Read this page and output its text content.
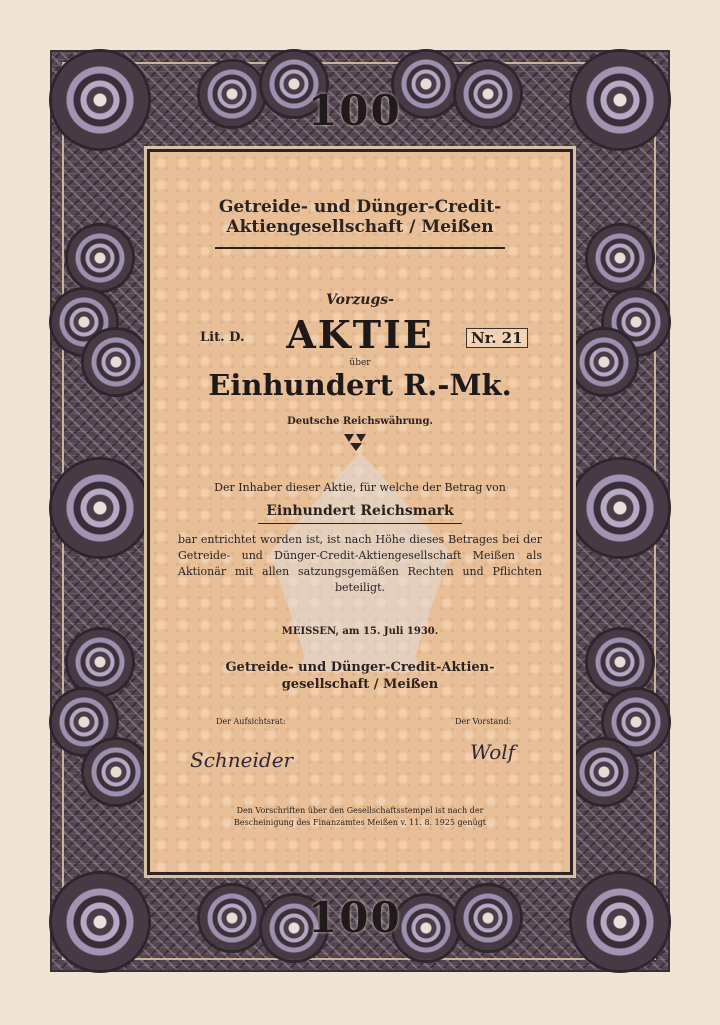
100
100
Getreide- und Dünger-Credit-
Aktiengesellschaft / Meißen
Vorzugs-
Lit. D.	AKTIE	Nr. 21
über
Einhundert R.-Mk.
Deutsche Reichswährung.
Der Inhaber dieser Aktie, für welche der Betrag von
Einhundert Reichsmark
bar entrichtet worden ist, ist nach Höhe dieses Betrages bei der Getreide- und Dünger-Credit-Aktiengesellschaft Meißen als Aktionär mit allen satzungsgemäßen Rechten und Pflichten beteiligt.
MEISSEN, am 15. Juli 1930.
Getreide- und Dünger-Credit-Aktien-
gesellschaft / Meißen
Der Aufsichtsrat:	Der Vorstand:
Schneider	Wolf
Den Vorschriften über den Gesellschaftsstempel ist nach der
Bescheinigung des Finanzamtes Meißen v. 11. 8. 1925 genügt
